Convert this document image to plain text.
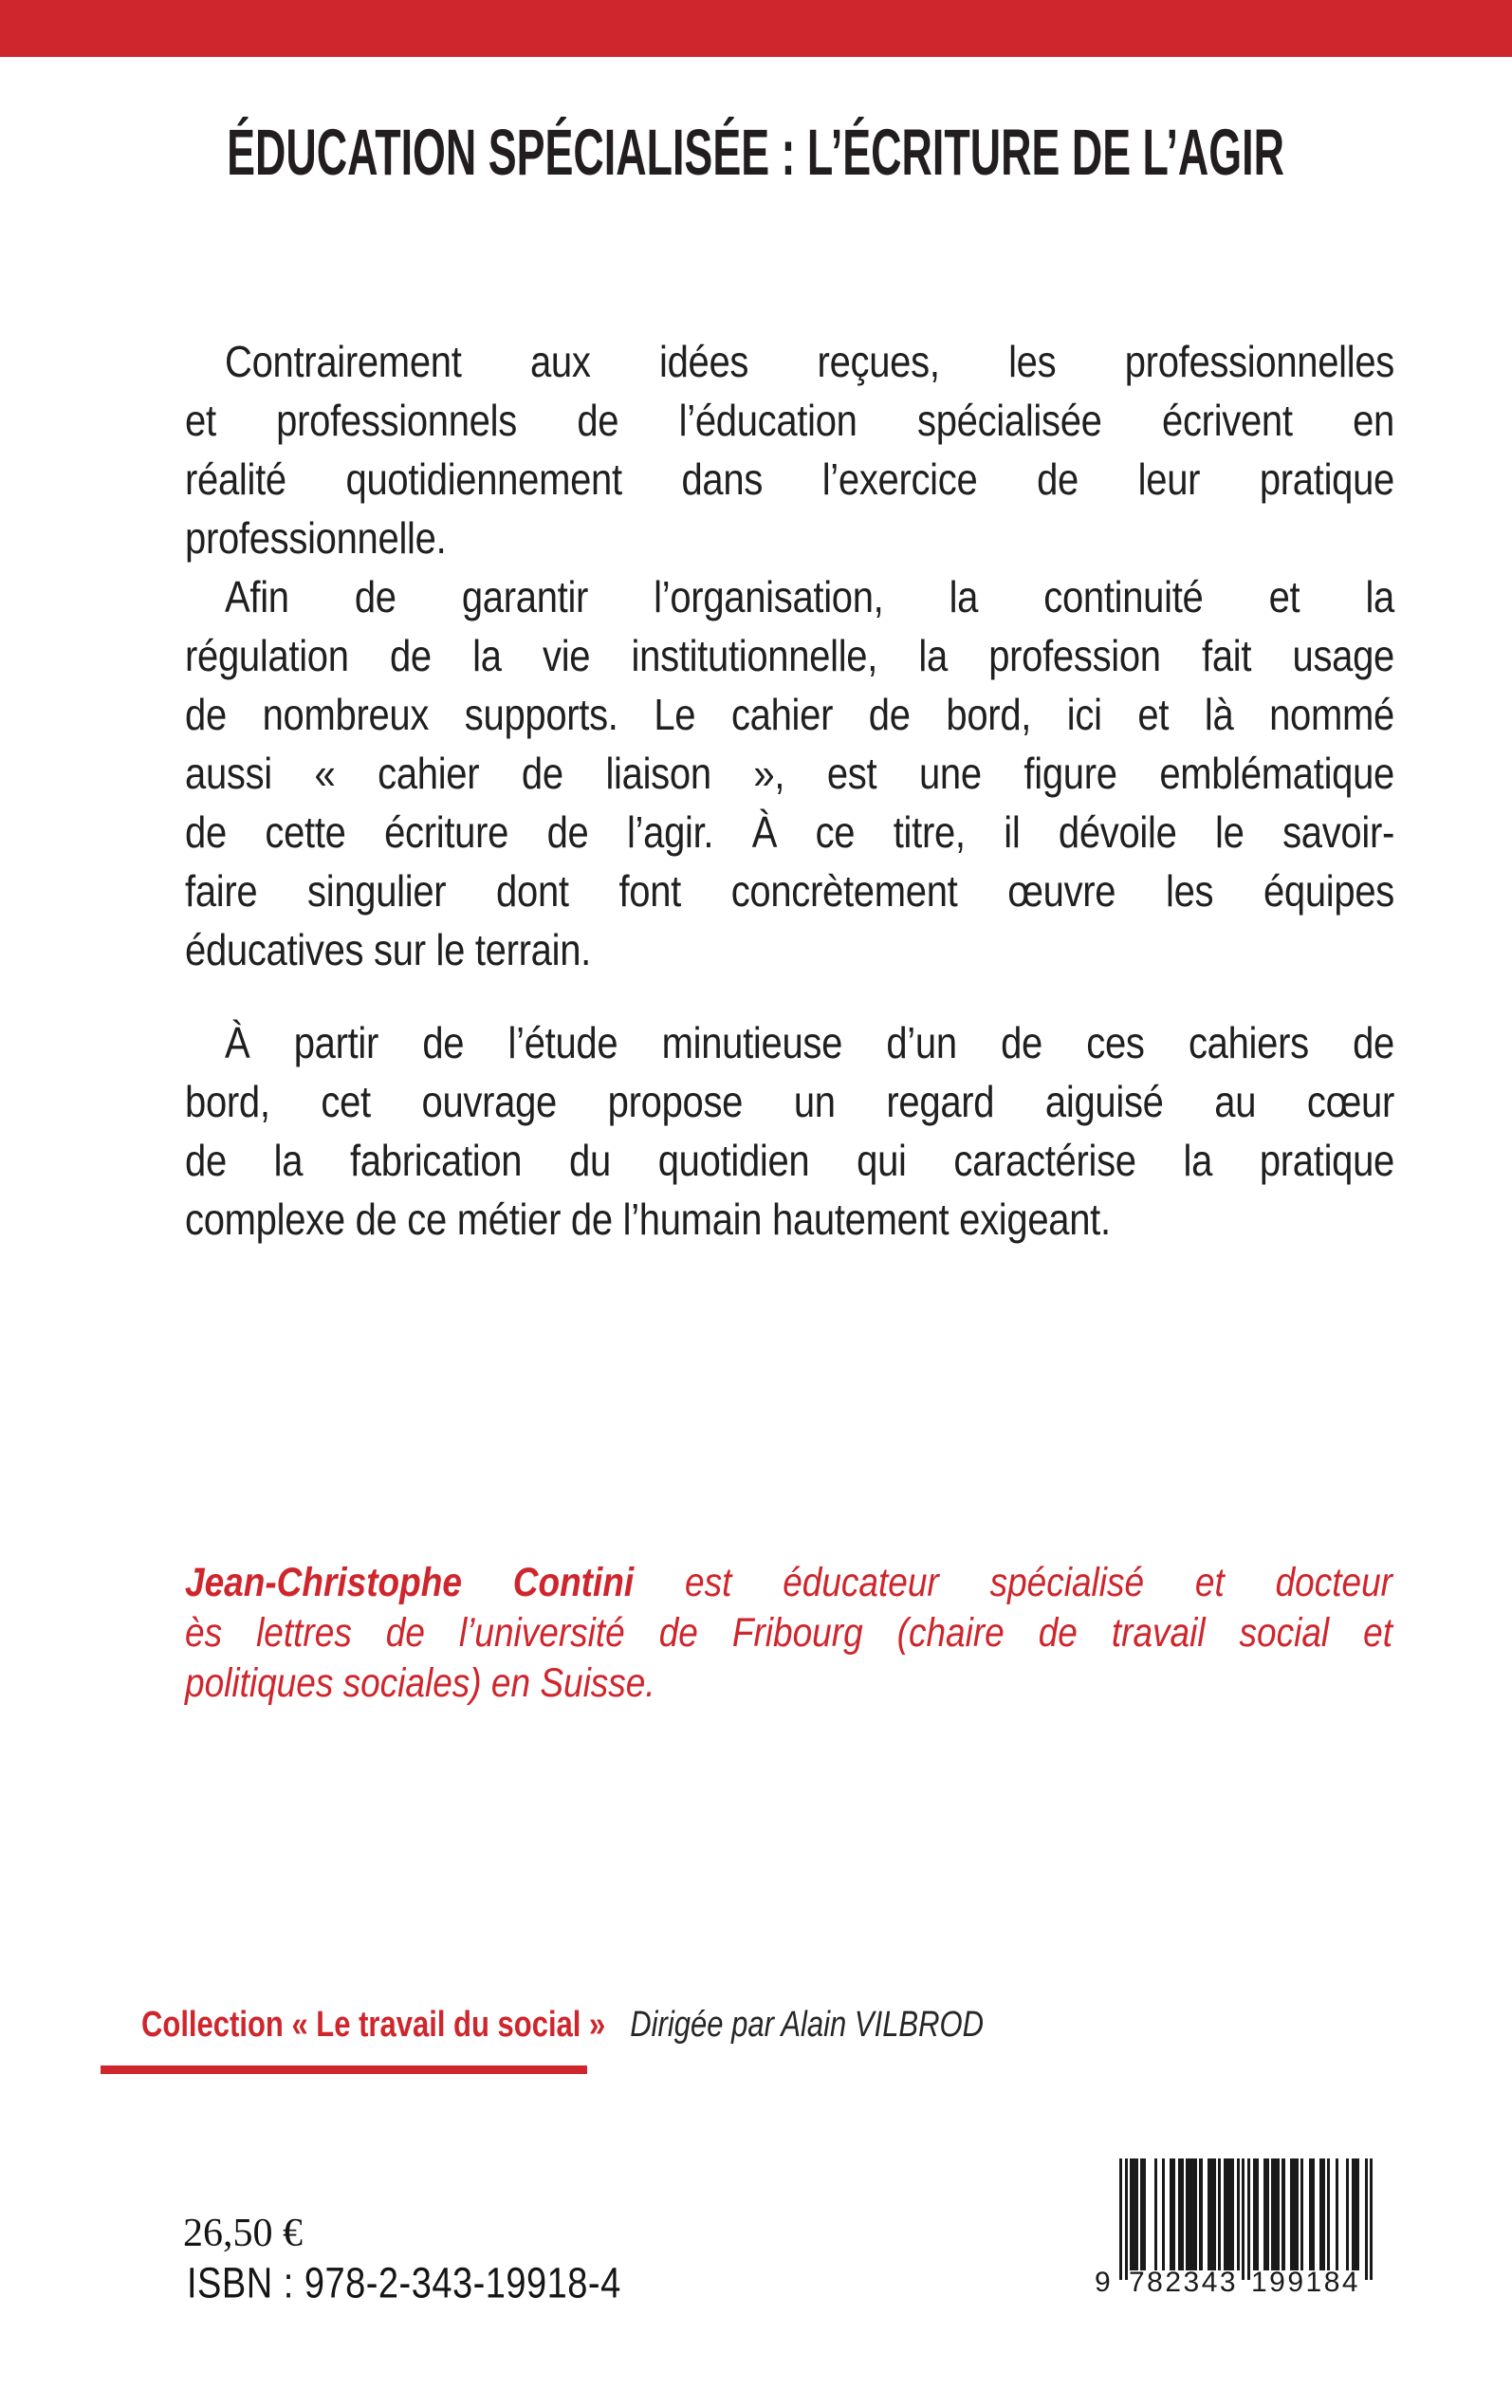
ÉDUCATION SPÉCIALISÉE : L’ÉCRITURE DE L’AGIR
Contrairement aux idées reçues, les professionnelles
et professionnels de l’éducation spécialisée écrivent en
réalité quotidiennement dans l’exercice de leur pratique
professionnelle.
Afin de garantir l’organisation, la continuité et la
régulation de la vie institutionnelle, la profession fait usage
de nombreux supports. Le cahier de bord, ici et là nommé
aussi « cahier de liaison », est une figure emblématique
de cette écriture de l’agir. À ce titre, il dévoile le savoir-
faire singulier dont font concrètement œuvre les équipes
éducatives sur le terrain.
À partir de l’étude minutieuse d’un de ces cahiers de
bord, cet ouvrage propose un regard aiguisé au cœur
de la fabrication du quotidien qui caractérise la pratique
complexe de ce métier de l’humain hautement exigeant.
Jean-Christophe Contini est éducateur spécialisé et docteur
ès lettres de l’université de Fribourg (chaire de travail social et
politiques sociales) en Suisse.
Collection « Le travail du social » Dirigée par Alain VILBROD
26,50 €
ISBN : 978-2-343-19918-4	9 782343 199184
